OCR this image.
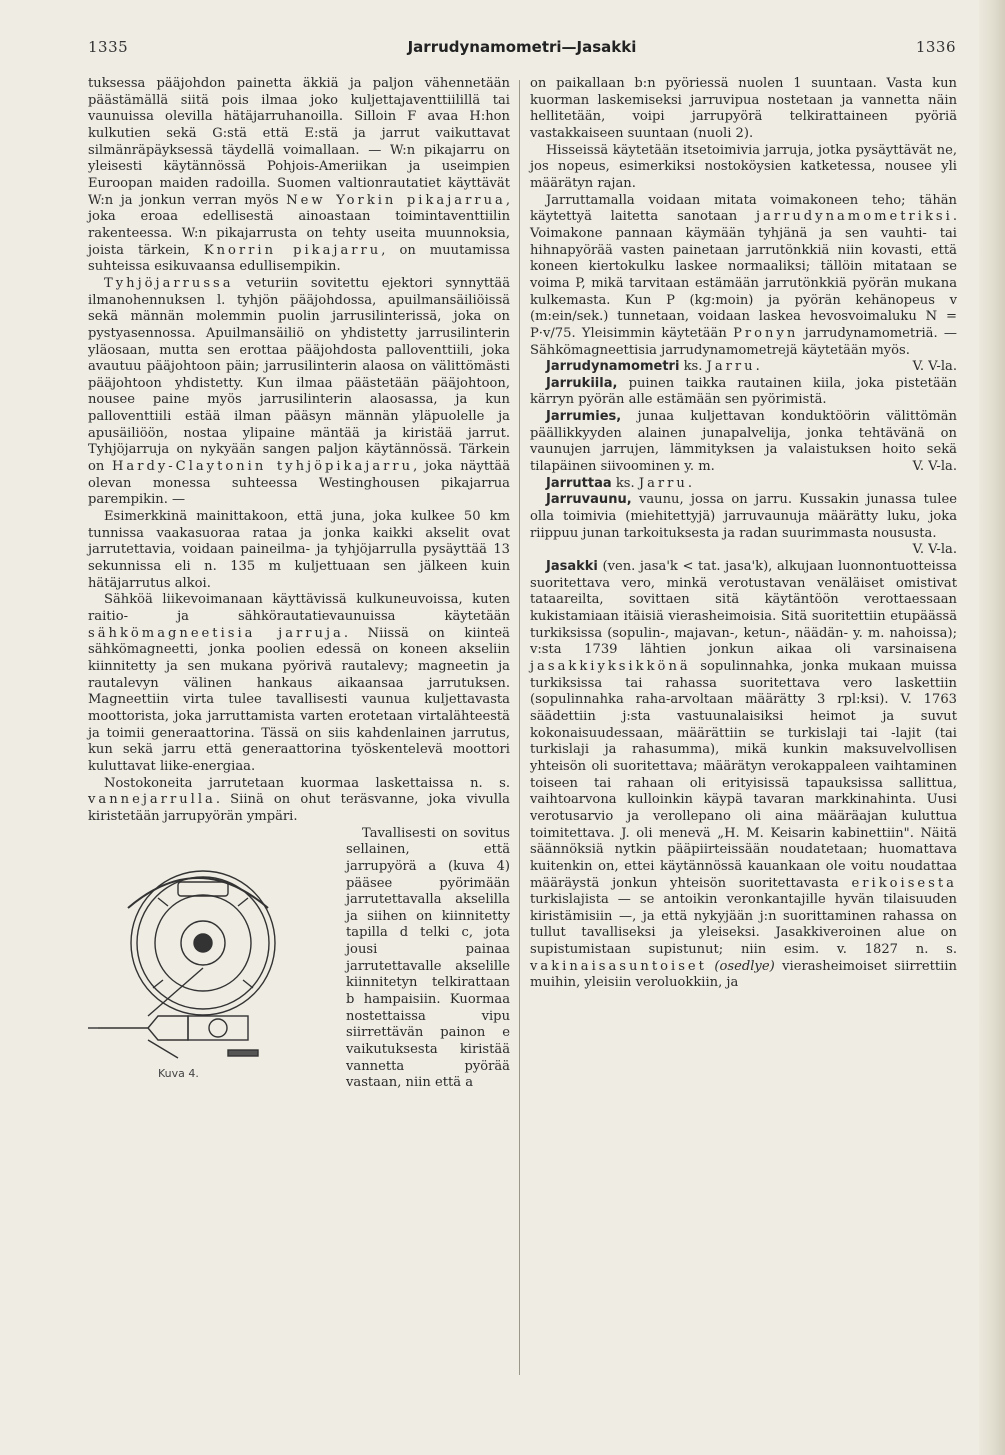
1335	Jarrudynamometri—Jasakki	1336

tuksessa pääjohdon painetta äkkiä ja paljon vähennetään päästämällä siitä pois ilmaa joko kuljettajaventtiilillä tai vaunuissa olevilla hätäjarruhanoilla. Silloin F avaa H:hon kulkutien sekä G:stä että E:stä ja jarrut vaikuttavat silmänräpäyksessä täydellä voimallaan. — W:n pikajarru on yleisesti käytännössä Pohjois-Ameriikan ja useimpien Euroopan maiden radoilla. Suomen valtionrautatiet käyttävät W:n ja jonkun verran myös New Yorkin pikajarrua, joka eroaa edellisestä ainoastaan toimintaventtiilin rakenteessa. W:n pikajarrusta on tehty useita muunnoksia, joista tärkein, Knorrin pikajarru, on muutamissa suhteissa esikuvaansa edullisempikin.

Tyhjöjarrussa veturiin sovitettu ejektori synnyttää ilmanohennuksen l. tyhjön pääjohdossa, apuilmansäiliöissä sekä männän molemmin puolin jarrusilinterissä, joka on pystyasennossa. Apuilmansäiliö on yhdistetty jarrusilinterin yläosaan, mutta sen erottaa pääjohdosta palloventtiili, joka avautuu pääjohtoon päin; jarrusilinterin alaosa on välittömästi pääjohtoon yhdistetty. Kun ilmaa päästetään pääjohtoon, nousee paine myös jarrusilinterin alaosassa, ja kun palloventtiili estää ilman pääsyn männän yläpuolelle ja apusäiliöön, nostaa ylipaine mäntää ja kiristää jarrut. Tyhjöjarruja on nykyään sangen paljon käytännössä. Tärkein on Hardy-Claytonin tyhjöpikajarru, joka näyttää olevan monessa suhteessa Westinghousen pikajarrua parempikin. —

Esimerkkinä mainittakoon, että juna, joka kulkee 50 km tunnissa vaakasuoraa rataa ja jonka kaikki akselit ovat jarrutettavia, voidaan paineilma- ja tyhjöjarrulla pysäyttää 13 sekunnissa eli n. 135 m kuljettuaan sen jälkeen kuin hätäjarrutus alkoi.

Sähköä liikevoimanaan käyttävissä kulkuneuvoissa, kuten raitio- ja sähkörautatievaunuissa käytetään sähkömagneetisia jarruja. Niissä on kiinteä sähkömagneetti, jonka poolien edessä on koneen akseliin kiinnitetty ja sen mukana pyörivä rautalevy; magneetin ja rautalevyn välinen hankaus aikaansaa jarrutuksen. Magneettiin virta tulee tavallisesti vaunua kuljettavasta moottorista, joka jarruttamista varten erotetaan virtalähteestä ja toimii generaattorina. Tässä on siis kahdenlainen jarrutus, kun sekä jarru että generaattorina työskentelevä moottori kuluttavat liike-energiaa.

Nostokoneita jarrutetaan kuormaa laskettaissa n. s. vannejarrulla. Siinä on ohut teräsvanne, joka vivulla kiristetään jarrupyörän ympäri.

Kuva 4.

Tavallisesti on sovitus sellainen, että jarrupyörä a (kuva 4) pääsee pyörimään jarrutettavalla akselilla ja siihen on kiinnitetty tapilla d telki c, jota jousi painaa jarrutettavalle akselille kiinnitetyn telkirattaan b hampaisiin. Kuormaa nostettaissa vipu siirrettävän painon e vaikutuksesta kiristää vannetta pyörää vastaan, niin että a

on paikallaan b:n pyöriessä nuolen 1 suuntaan. Vasta kun kuorman laskemiseksi jarruvipua nostetaan ja vannetta näin hellitetään, voipi jarrupyörä telkirattaineen pyöriä vastakkaiseen suuntaan (nuoli 2).

Hisseissä käytetään itsetoimivia jarruja, jotka pysäyttävät ne, jos nopeus, esimerkiksi nostoköysien katketessa, nousee yli määrätyn rajan.

Jarruttamalla voidaan mitata voimakoneen teho; tähän käytettyä laitetta sanotaan jarrudynamometriksi. Voimakone pannaan käymään tyhjänä ja sen vauhti- tai hihnapyörää vasten painetaan jarrutönkkiä niin kovasti, että koneen kiertokulku laskee normaaliksi; tällöin mitataan se voima P, mikä tarvitaan estämään jarrutönkkiä pyörän mukana kulkemasta. Kun P (kg:moin) ja pyörän kehänopeus v (m:ein/sek.) tunnetaan, voidaan laskea hevosvoimaluku N = P·v/75. Yleisimmin käytetään Pronyn jarrudynamometriä. — Sähkömagneettisia jarrudynamometrejä käytetään myös.
V. V-la.

Jarrudynamometri ks. Jarru.

Jarrukiila, puinen taikka rautainen kiila, joka pistetään kärryn pyörän alle estämään sen pyörimistä.

Jarrumies, junaa kuljettavan konduktöörin välittömän päällikkyyden alainen junapalvelija, jonka tehtävänä on vaunujen jarrujen, lämmityksen ja valaistuksen hoito sekä tilapäinen siivoominen y. m.	V. V-la.

Jarruttaa ks. Jarru.

Jarruvaunu, vaunu, jossa on jarru. Kussakin junassa tulee olla toimivia (miehitettyjä) jarruvaunuja määrätty luku, joka riippuu junan tarkoituksesta ja radan suurimmasta noususta.

V. V-la.

Jasakki (ven. jasa'k < tat. jasa'k), alkujaan luonnontuotteissa suoritettava vero, minkä verotustavan venäläiset omistivat tataareilta, sovittaen sitä käytäntöön verottaessaan kukistamiaan itäisiä vierasheimoisia. Sitä suoritettiin etupäässä turkiksissa (sopulin-, majavan-, ketun-, näädän- y. m. nahoissa); v:sta 1739 lähtien jonkun aikaa oli varsinaisena jasakkiyksikkönä sopulinnahka, jonka mukaan muissa turkiksissa tai rahassa suoritettava vero laskettiin (sopulinnahka raha-arvoltaan määrätty 3 rpl:ksi). V. 1763 säädettiin j:sta vastuunalaisiksi heimot ja suvut kokonaisuudessaan, määrättiin se turkislaji tai -lajit (tai turkislaji ja rahasumma), mikä kunkin maksuvelvollisen yhteisön oli suoritettava; määrätyn verokappaleen vaihtaminen toiseen tai rahaan oli erityisissä tapauksissa sallittua, vaihtoarvona kulloinkin käypä tavaran markkinahinta. Uusi verotusarvio ja verollepano oli aina määräajan kuluttua toimitettava. J. oli menevä „H. M. Keisarin kabinettiin". Näitä säännöksiä nytkin pääpiirteissään noudatetaan; huomattava kuitenkin on, ettei käytännössä kauankaan ole voitu noudattaa määräystä jonkun yhteisön suoritettavasta erikoisesta turkislajista — se antoikin veronkantajille hyvän tilaisuuden kiristämisiin —, ja että nykyjään j:n suorittaminen rahassa on tullut tavalliseksi ja yleiseksi. Jasakkiveroinen alue on supistumistaan supistunut; niin esim. v. 1827 n. s. vakinaisasuntoiset (osedlye) vierasheimoiset siirrettiin muihin, yleisiin veroluokkiin, ja
